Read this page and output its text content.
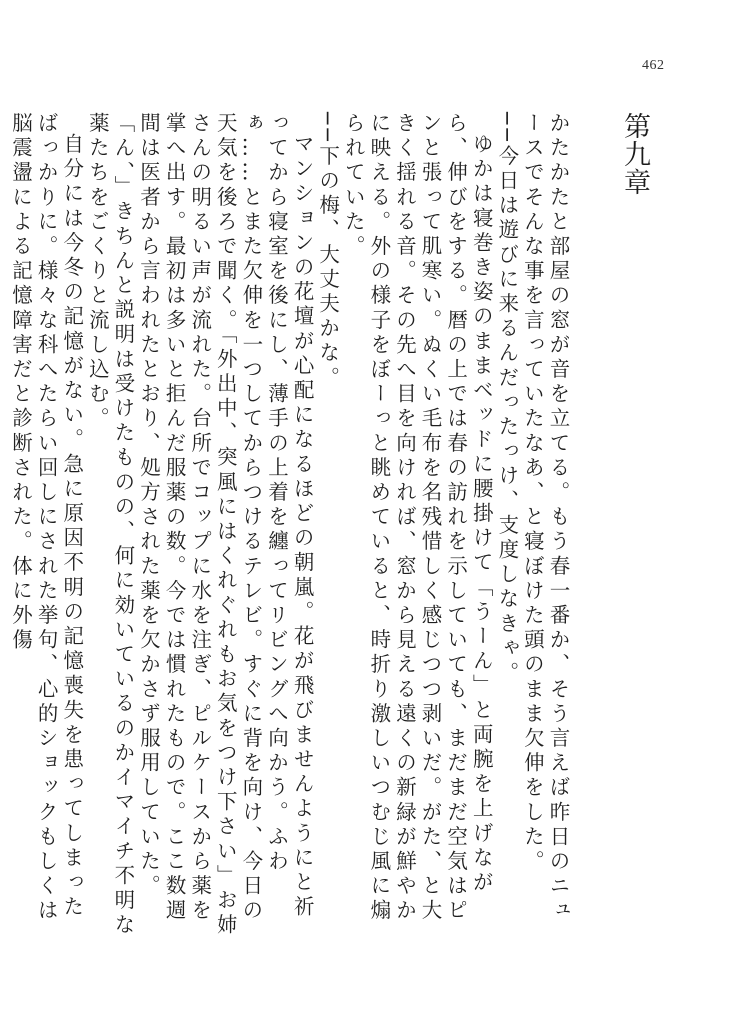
462
第九章

かたかたと部屋の窓が音を立てる。もう春一番か、そう言えば昨日のニュースでそんな事を言っていたなあ、と寝ぼけた頭のまま欠伸をした。

──今日は遊びに来るんだったっけ、支度しなきゃ。

ゆかは寝巻き姿のままベッドに腰掛けて「うーん」と両腕を上げながら、伸びをする。暦の上では春の訪れを示していても、まだまだ空気はピンと張って肌寒い。ぬくい毛布を名残惜しく感じつつ剥いだ。がた、と大きく揺れる音。その先へ目を向ければ、窓から見える遠くの新緑が鮮やかに映える。外の様子をぼーっと眺めていると、時折り激しいつむじ風に煽られていた。

──下の梅、大丈夫かな。

マンションの花壇が心配になるほどの朝嵐。花が飛びませんようにと祈ってから寝室を後にし、薄手の上着を纏ってリビングへ向かう。ふわぁ……とまた欠伸を一つしてからつけるテレビ。すぐに背を向け、今日の天気を後ろで聞く。「外出中、突風にはくれぐれもお気をつけ下さい」お姉さんの明るい声が流れた。台所でコップに水を注ぎ、ピルケースから薬を掌へ出す。最初は多いと拒んだ服薬の数。今では慣れたもので。ここ数週間は医者から言われたとおり、処方された薬を欠かさず服用していた。「ん、」きちんと説明は受けたものの、何に効いているのかイマイチ不明な薬たちをごくりと流し込む。

自分には今冬の記憶がない。急に原因不明の記憶喪失を患ってしまったばっかりに。様々な科へたらい回しにされた挙句、心的ショックもしくは脳震盪による記憶障害だと診断された。体に外傷
